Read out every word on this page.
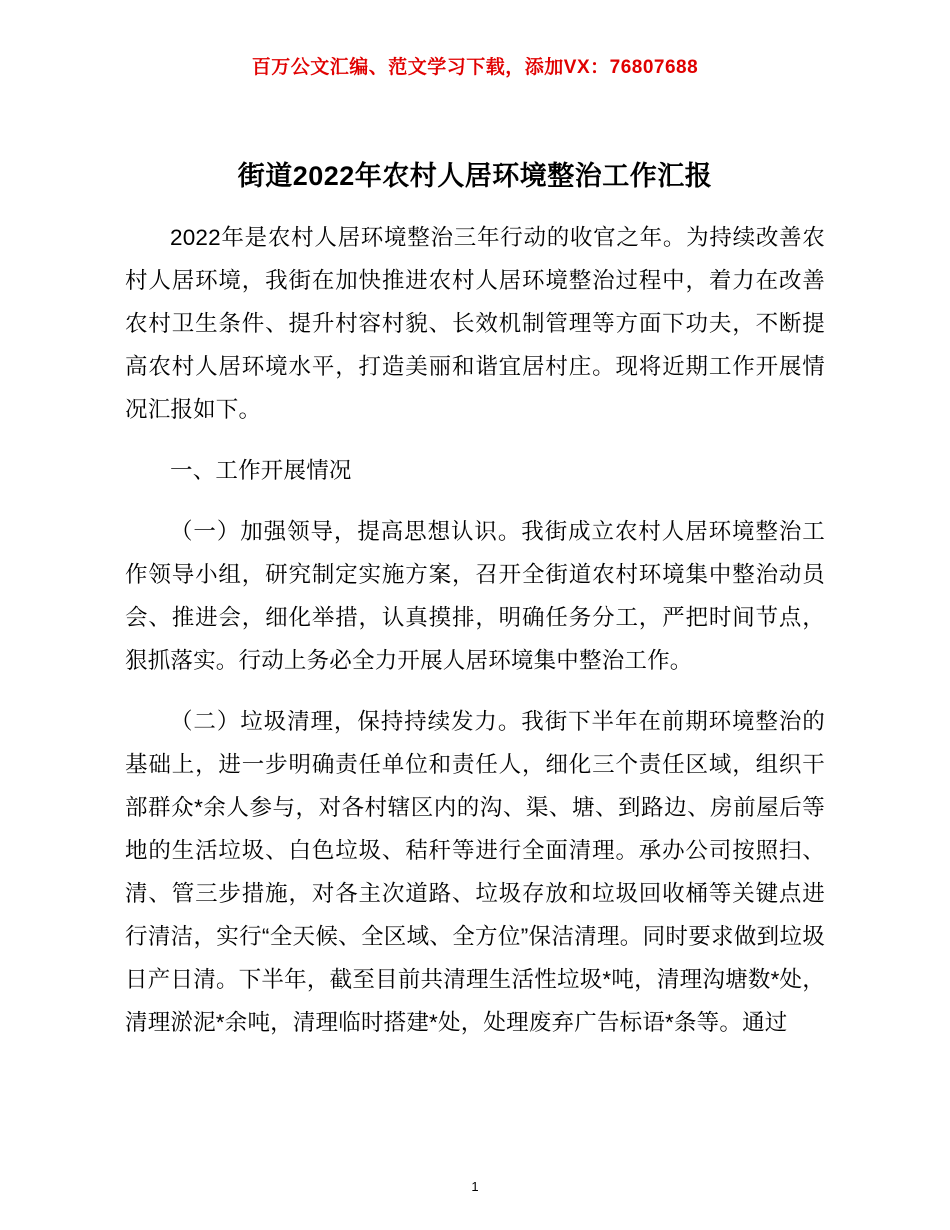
百万公文汇编、范文学习下载，添加VX：76807688
街道2022年农村人居环境整治工作汇报

2022年是农村人居环境整治三年行动的收官之年。为持续改善农村人居环境，我街在加快推进农村人居环境整治过程中，着力在改善农村卫生条件、提升村容村貌、长效机制管理等方面下功夫，不断提高农村人居环境水平，打造美丽和谐宜居村庄。现将近期工作开展情况汇报如下。

一、工作开展情况

（一）加强领导，提高思想认识。我街成立农村人居环境整治工作领导小组，研究制定实施方案，召开全街道农村环境集中整治动员会、推进会，细化举措，认真摸排，明确任务分工，严把时间节点，狠抓落实。行动上务必全力开展人居环境集中整治工作。

（二）垃圾清理，保持持续发力。我街下半年在前期环境整治的基础上，进一步明确责任单位和责任人，细化三个责任区域，组织干部群众*余人参与，对各村辖区内的沟、渠、塘、到路边、房前屋后等地的生活垃圾、白色垃圾、秸秆等进行全面清理。承办公司按照扫、清、管三步措施，对各主次道路、垃圾存放和垃圾回收桶等关键点进行清洁，实行“全天候、全区域、全方位”保洁清理。同时要求做到垃圾日产日清。下半年，截至目前共清理生活性垃圾*吨，清理沟塘数*处，清理淤泥*余吨，清理临时搭建*处，处理废弃广告标语*条等。通过

1
